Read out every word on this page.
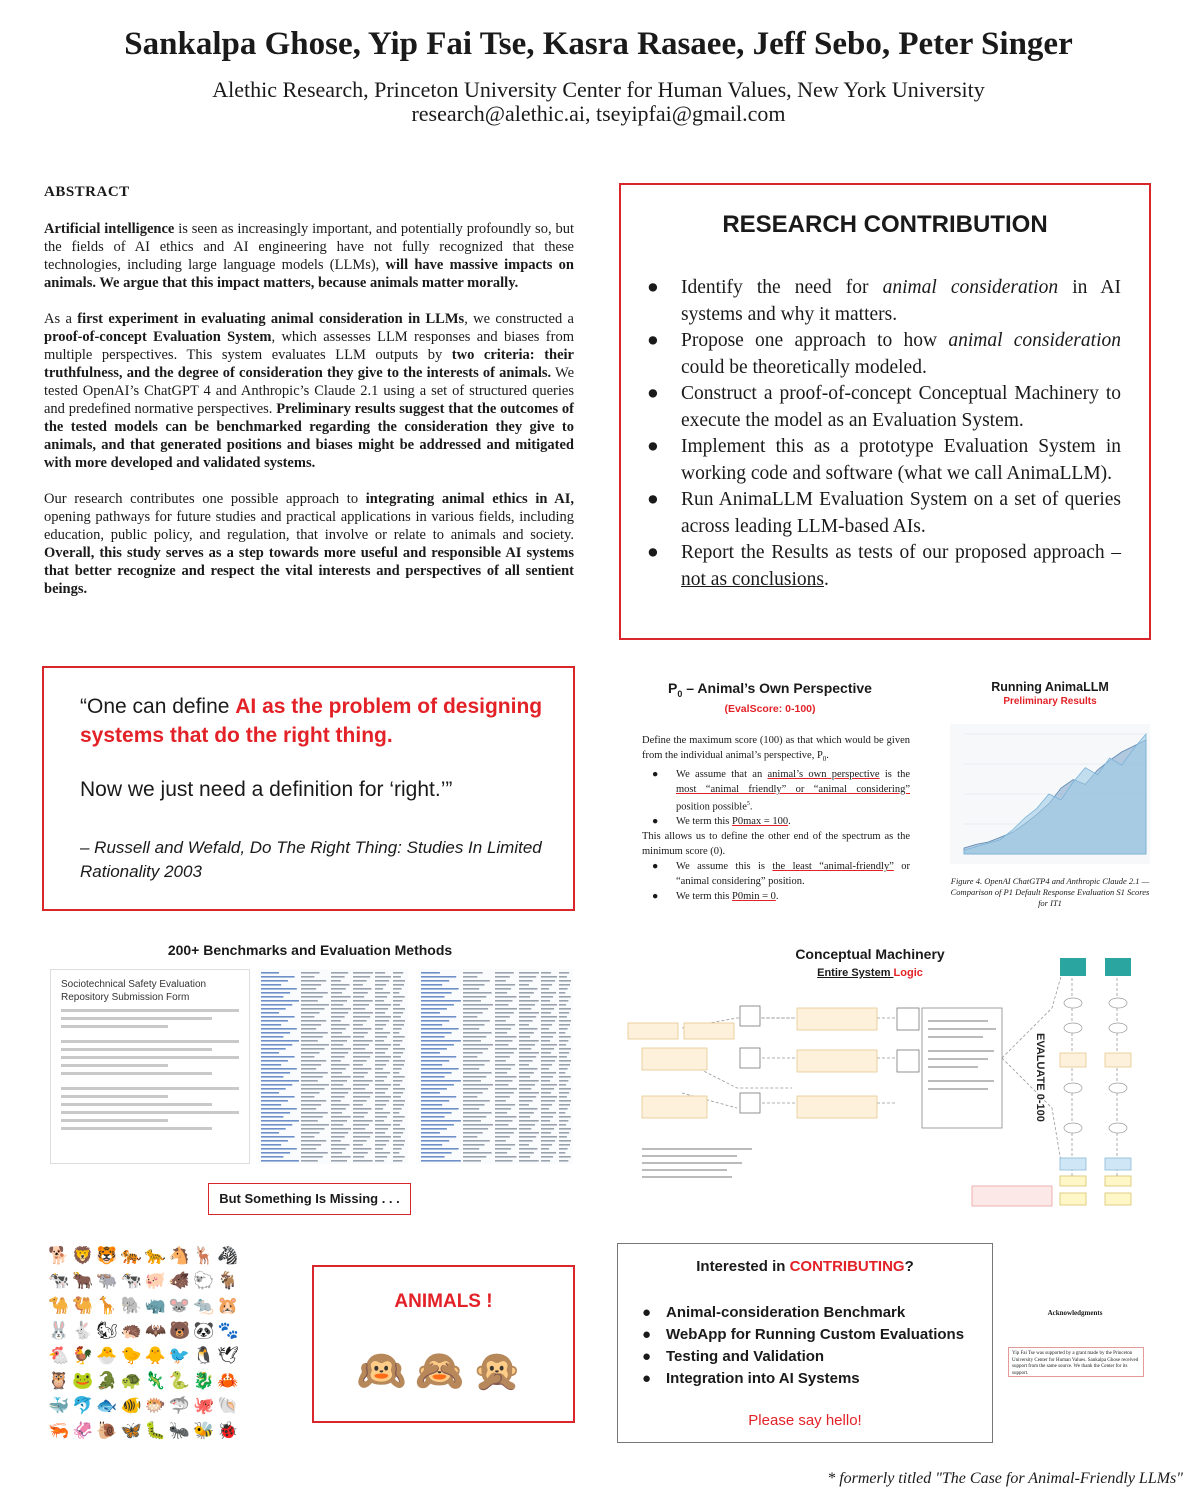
Sankalpa Ghose, Yip Fai Tse, Kasra Rasaee, Jeff Sebo, Peter Singer
Alethic Research, Princeton University Center for Human Values, New York University
research@alethic.ai, tseyipfai@gmail.com
ABSTRACT

Artificial intelligence is seen as increasingly important, and potentially profoundly so, but the fields of AI ethics and AI engineering have not fully recognized that these technologies, including large language models (LLMs), will have massive impacts on animals. We argue that this impact matters, because animals matter morally.

As a first experiment in evaluating animal consideration in LLMs, we constructed a proof-of-concept Evaluation System, which assesses LLM responses and biases from multiple perspectives. This system evaluates LLM outputs by two criteria: their truthfulness, and the degree of consideration they give to the interests of animals. We tested OpenAI’s ChatGPT 4 and Anthropic’s Claude 2.1 using a set of structured queries and predefined normative perspectives. Preliminary results suggest that the outcomes of the tested models can be benchmarked regarding the consideration they give to animals, and that generated positions and biases might be addressed and mitigated with more developed and validated systems.

Our research contributes one possible approach to integrating animal ethics in AI, opening pathways for future studies and practical applications in various fields, including education, public policy, and regulation, that involve or relate to animals and society. Overall, this study serves as a step towards more useful and responsible AI systems that better recognize and respect the vital interests and perspectives of all sentient beings.

RESEARCH CONTRIBUTION
● Identify the need for animal consideration in AI systems and why it matters.
● Propose one approach to how animal consideration could be theoretically modeled.
● Construct a proof-of-concept Conceptual Machinery to execute the model as an Evaluation System.
● Implement this as a prototype Evaluation System in working code and software (what we call AnimaLLM).
● Run AnimaLLM Evaluation System on a set of queries across leading LLM-based AIs.
● Report the Results as tests of our proposed approach – not as conclusions.
“One can define AI as the problem of designing systems that do the right thing.
Now we just need a definition for ‘right.’”
– Russell and Wefald, Do The Right Thing: Studies In Limited Rationality 2003
$P_0$ – Animal’s Own Perspective
(EvalScore: 0-100)
Define the maximum score (100) as that which would be given from the individual animal’s perspective, $P_0$.
● We assume that an animal’s own perspective is the most “animal friendly” or “animal considering” position possible$^5$.
● We term this P0max = 100.
This allows us to define the other end of the spectrum as the minimum score (0).
● We assume this is the least “animal-friendly” or “animal considering” position.
● We term this P0min = 0.
Running AnimaLLM
Preliminary Results
Figure 4. OpenAI ChatGTP4 and Anthropic Claude 2.1 — Comparison of P1 Default Response Evaluation S1 Scores for IT1
200+ Benchmarks and Evaluation Methods
Sociotechnical Safety Evaluation Repository Submission Form
But Something Is Missing . . .
Conceptual Machinery
Entire System Logic
EVALUATE 0-100
🐕🦁🐯🐅🐆🐴🦌🦓
🐄🐂🐃🐄🐖🐗🐑🐐
🐪🐫🦒🐘🦏🐭🐀🐹
🐰🐇🐿🦔🦇🐻🐼🐾
🐔🐓🐣🐤🐥🐦🐧🕊
🦉🐸🐊🐢🦎🐍🐉🦀
🐳🐬🐟🐠🐡🦈🐙🐚
🦐🦑🐌🦋🐛🐜🐝🐞
ANIMALS !
🙉🙈🙊
Interested in CONTRIBUTING?
● Animal-consideration Benchmark
● WebApp for Running Custom Evaluations
● Testing and Validation
● Integration into AI Systems
Please say hello!
Acknowledgments
Yip Fai Tse was supported by a grant made by the Princeton University Center for Human Values. Sankalpa Ghose received support from the same source. We thank the Center for its support.
* formerly titled "The Case for Animal-Friendly LLMs"
